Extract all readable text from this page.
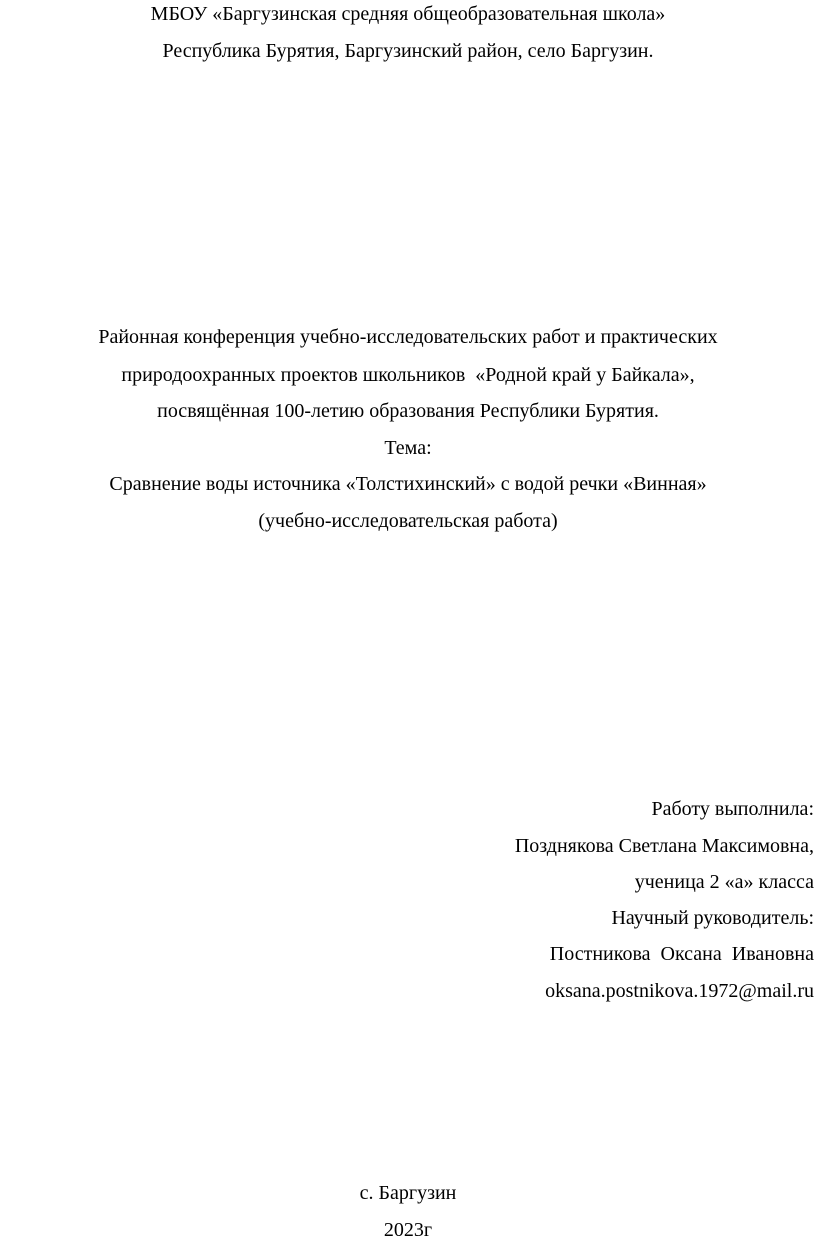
МБОУ «Баргузинская средняя общеобразовательная школа»
Республика Бурятия, Баргузинский район, село Баргузин.
Районная конференция учебно-исследовательских работ и практических
природоохранных проектов школьников  «Родной край у Байкала»,
посвящённая 100-летию образования Республики Бурятия.
Тема:
Сравнение воды источника «Толстихинский» с водой речки «Винная»
(учебно-исследовательская работа)
Работу выполнила:
Позднякова Светлана Максимовна,
ученица 2 «а» класса
Научный руководитель:
Постникова  Оксана  Ивановна
oksana.postnikova.1972@mail.ru
с. Баргузин
2023г
